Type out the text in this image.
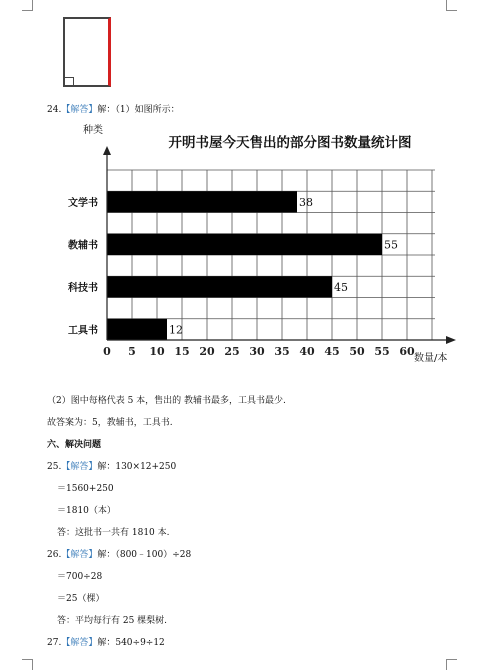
24.【解答】解：（1）如图所示：
开明书屋今天售出的部分图书数量统计图
种类
数量/本
0 5 10 15 20 25 30 35 40 45 50 55 60
38
文学书
55
教辅书
45
科技书
12
工具书
（2）图中每格代表 5 本，售出的 教辅书最多，工具书最少.
故答案为：5，教辅书，工具书.
六、解决问题
25.【解答】解：130×12+250
＝1560+250
＝1810（本）
答：这批书一共有 1810 本.
26.【解答】解：（800﹣100）÷28
＝700÷28
＝25（棵）
答：平均每行有 25 棵梨树.
27.【解答】解：540÷9÷12
